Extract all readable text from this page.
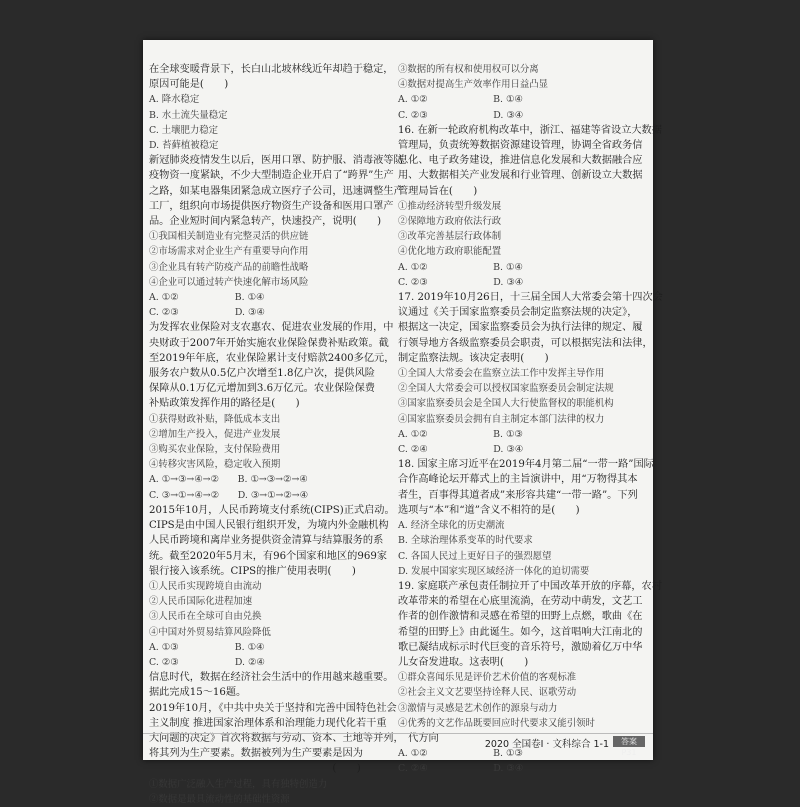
在全球变暖背景下，长白山北坡林线近年却趋于稳定，
原因可能是(　　)
A. 降水稳定
B. 水土流失量稳定
C. 土壤肥力稳定
D. 苔藓植被稳定
新冠肺炎疫情发生以后，医用口罩、防护服、消毒液等防
疫物资一度紧缺，不少大型制造企业开启了“跨界”生产
之路，如某电器集团紧急成立医疗子公司，迅速调整生产
工厂，组织向市场提供医疗物资生产设备和医用口罩产
品。企业短时间内紧急转产，快速投产，说明(　　)
①我国相关制造业有完整灵活的供应链
②市场需求对企业生产有重要导向作用
③企业具有转产防疫产品的前瞻性战略
④企业可以通过转产快速化解市场风险
A. ①②　　　　　　B. ①④
C. ②③　　　　　　D. ③④
为发挥农业保险对支农惠农、促进农业发展的作用，中
央财政于2007年开始实施农业保险保费补贴政策。截
至2019年年底，农业保险累计支付赔款2400多亿元，
服务农户数从0.5亿户次增至1.8亿户次，提供风险
保障从0.1万亿元增加到3.6万亿元。农业保险保费
补贴政策发挥作用的路径是(　　)
①获得财政补贴，降低成本支出
②增加生产投入，促进产业发展
③购买农业保险，支付保险费用
④转移灾害风险，稳定收入预期
A. ①→③→④→②　　B. ①→③→②→④
C. ③→①→④→②　　D. ③→①→②→④
2015年10月，人民币跨境支付系统(CIPS)正式启动。
CIPS是由中国人民银行组织开发，为境内外金融机构
人民币跨境和离岸业务提供资金清算与结算服务的系
统。截至2020年5月末，有96个国家和地区的969家
银行接入该系统。CIPS的推广使用表明(　　)
①人民币实现跨境自由流动
②人民币国际化进程加速
③人民币在全球可自由兑换
④中国对外贸易结算风险降低
A. ①③　　　　　　B. ①④
C. ②③　　　　　　D. ②④
信息时代，数据在经济社会生活中的作用越来越重要。
据此完成15～16题。
2019年10月，《中共中央关于坚持和完善中国特色社会
主义制度 推进国家治理体系和治理能力现代化若干重
大问题的决定》首次将数据与劳动、资本、土地等并列，
将其列为生产要素。数据被列为生产要素是因为
　　　　　　　　　　　　　　　　　　(　　)
①数据广泛融入生产过程，具有独特创造力
②数据是最具流动性的基础性资源
③数据的所有权和使用权可以分离
④数据对提高生产效率作用日益凸显
A. ①②　　　　　　　B. ①④
C. ②③　　　　　　　D. ③④
16. 在新一轮政府机构改革中，浙江、福建等省设立大数据
管理局，负责统筹数据资源建设管理，协调全省政务信
息化、电子政务建设，推进信息化发展和大数据融合应
用、大数据相关产业发展和行业管理、创新设立大数据
管理局旨在(　　)
①推动经济转型升级发展
②保障地方政府依法行政
③改革完善基层行政体制
④优化地方政府职能配置
A. ①②　　　　　　　B. ①④
C. ②③　　　　　　　D. ③④
17. 2019年10月26日，十三届全国人大常委会第十四次会
议通过《关于国家监察委员会制定监察法规的决定》，
根据这一决定，国家监察委员会为执行法律的规定、履
行领导地方各级监察委员会职责，可以根据宪法和法律，
制定监察法规。该决定表明(　　)
①全国人大常委会在监察立法工作中发挥主导作用
②全国人大常委会可以授权国家监察委员会制定法规
③国家监察委员会是全国人大行使监督权的职能机构
④国家监察委员会拥有自主制定本部门法律的权力
A. ①②　　　　　　　B. ①③
C. ②④　　　　　　　D. ③④
18. 国家主席习近平在2019年4月第二届“一带一路”国际
合作高峰论坛开幕式上的主旨演讲中，用“万物得其本
者生，百事得其道者成”来形容共建“一带一路”。下列
选项与“本”和“道”含义不相符的是(　　)
A. 经济全球化的历史潮流
B. 全球治理体系变革的时代要求
C. 各国人民过上更好日子的强烈愿望
D. 发展中国家实现区域经济一体化的迫切需要
19. 家庭联产承包责任制拉开了中国改革开放的序幕，农村
改革带来的希望在心底里流淌，在劳动中萌发，文艺工
作者的创作激情和灵感在希望的田野上点燃，歌曲《在
希望的田野上》由此诞生。如今，这首唱响大江南北的
歌已凝结成标示时代巨变的音乐符号，激励着亿万中华
儿女奋发进取。这表明(　　)
①群众喜闻乐见是评价艺术价值的客观标准
②社会主义文艺要坚持诠释人民、讴歌劳动
③激情与灵感是艺术创作的源泉与动力
④优秀的文艺作品既要回应时代要求又能引领时
　代方向
A. ①②　　　　　　　B. ①③
C. ②④　　　　　　　D. ③④
2020 全国卷Ⅰ · 文科综合 1-1	答案 P31
